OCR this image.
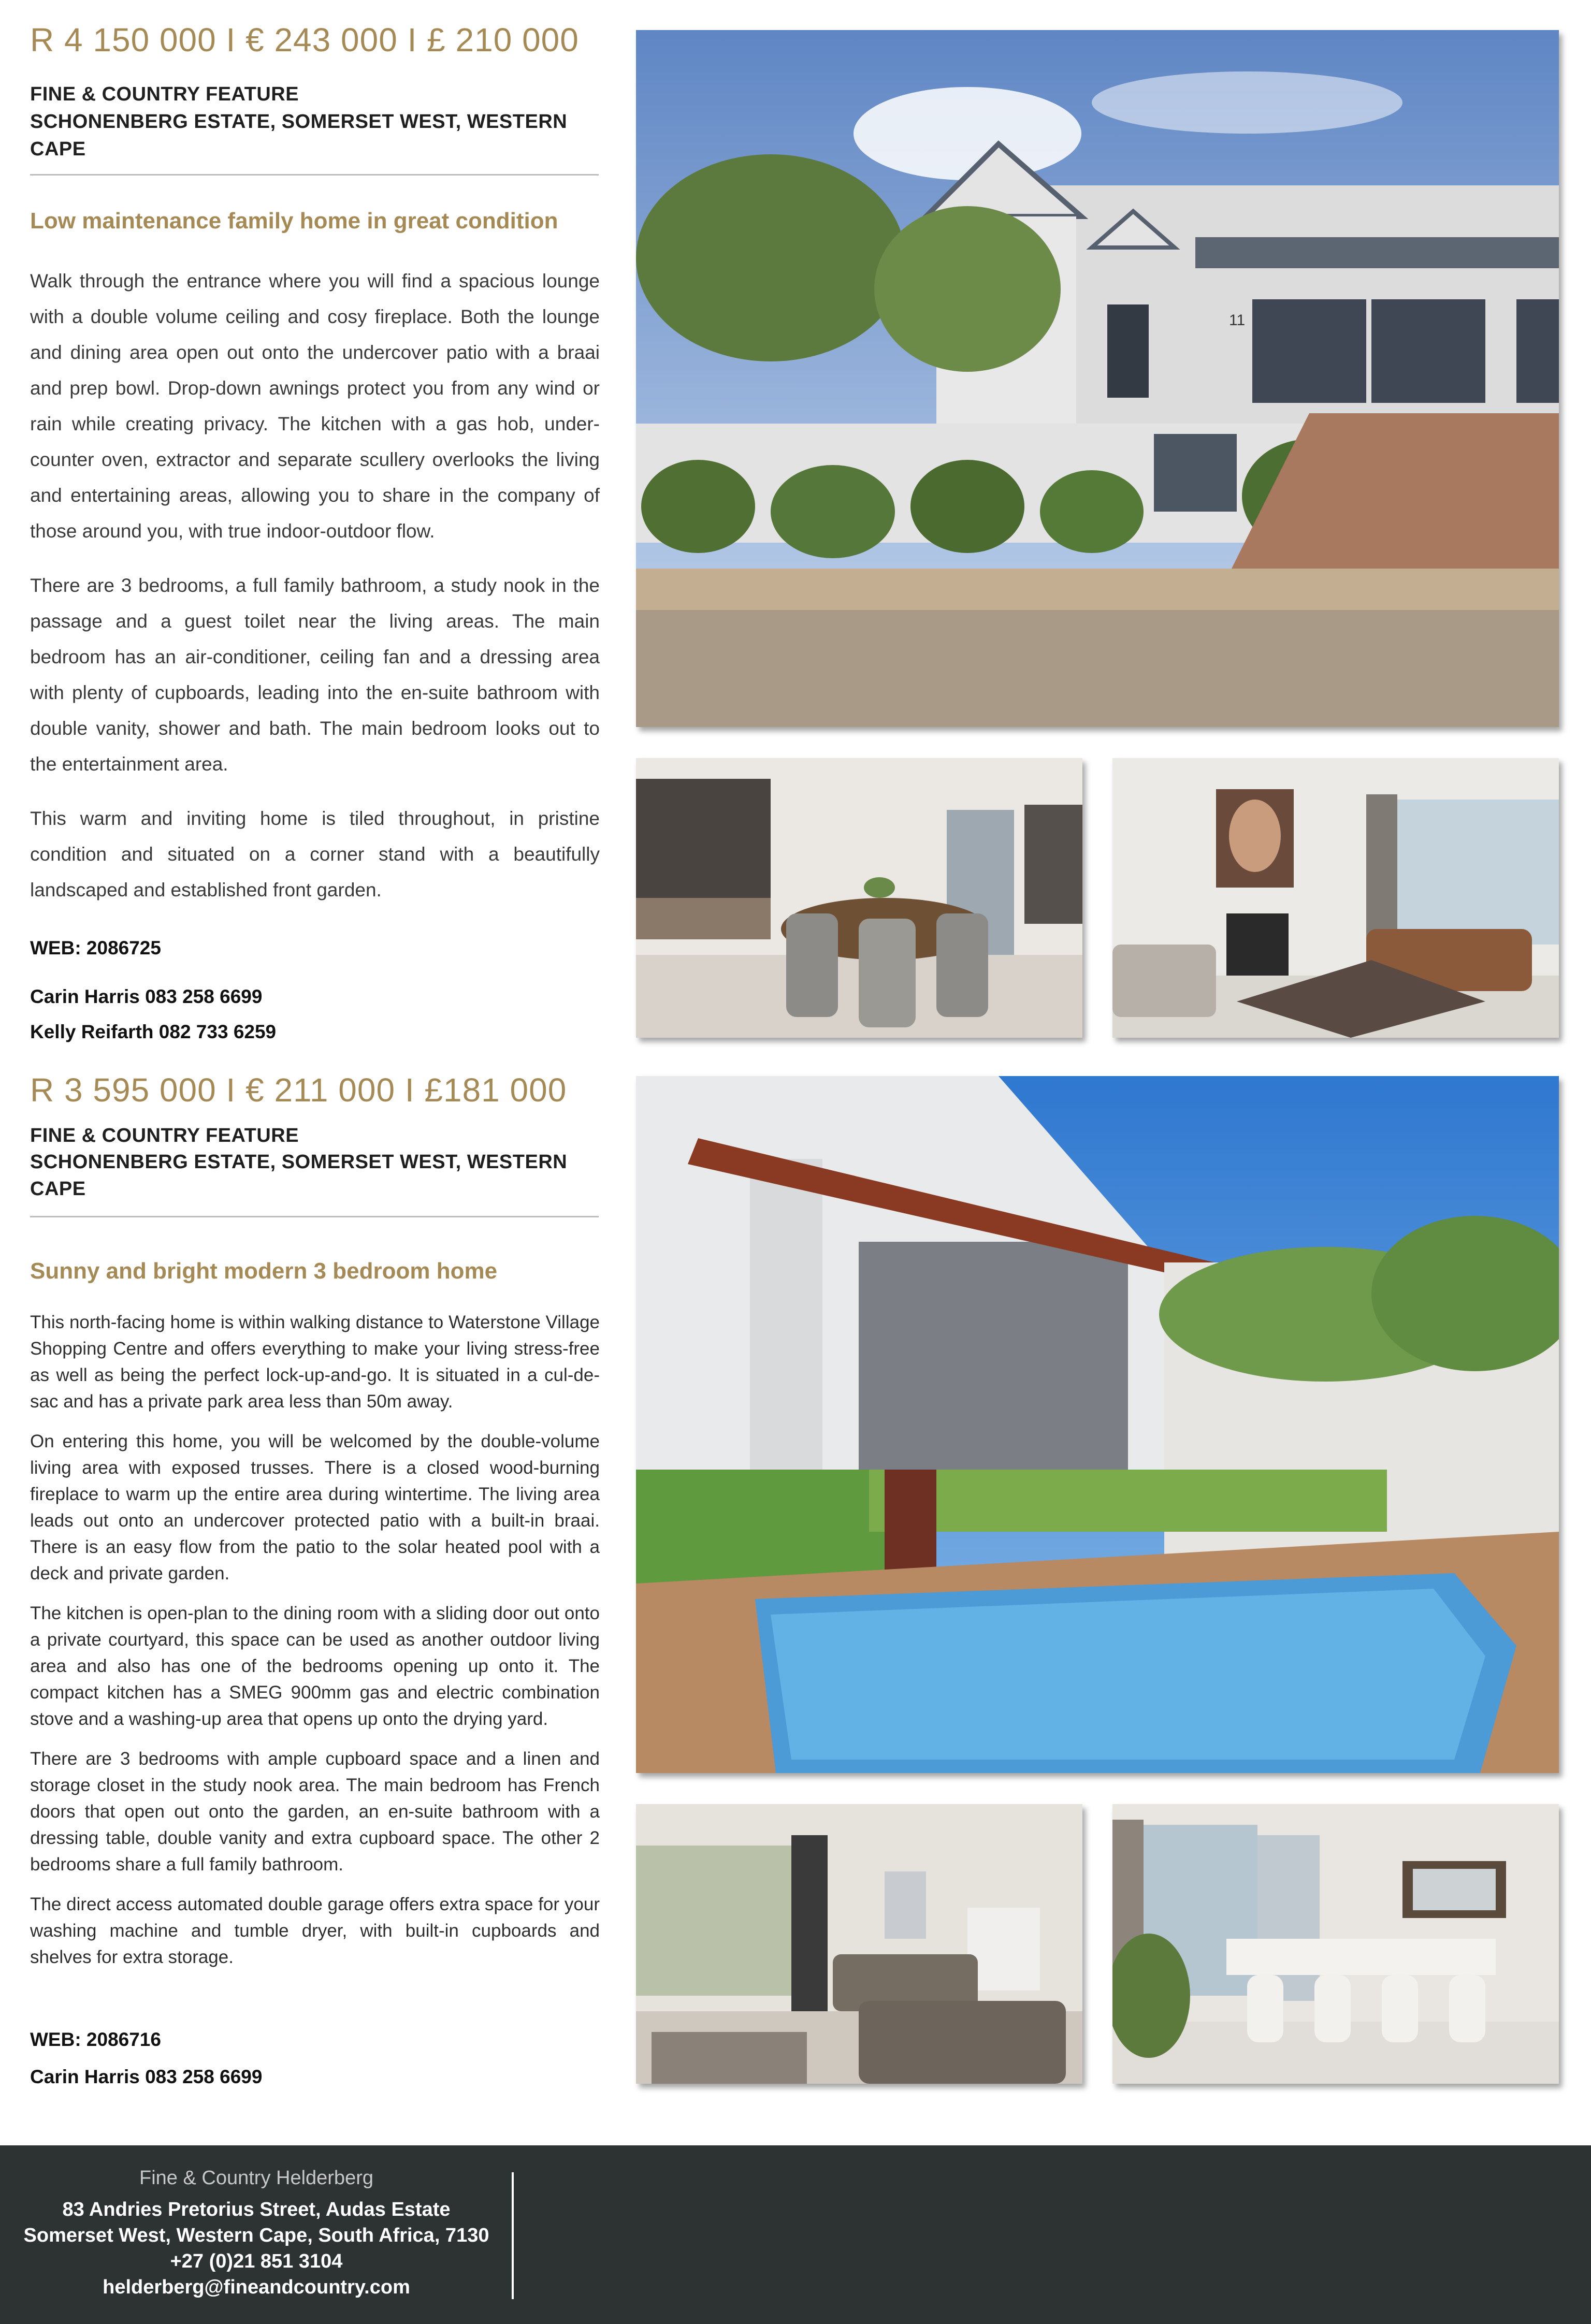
R 4 150 000 I € 243 000 I £ 210 000

FINE & COUNTRY FEATURE

SCHONENBERG ESTATE, SOMERSET WEST, WESTERN CAPE

Low maintenance family home in great condition

Walk through the entrance where you will find a spacious lounge with a double volume ceiling and cosy fireplace. Both the lounge and dining area open out onto the undercover patio with a braai and prep bowl. Drop-down awnings protect you from any wind or rain while creating privacy. The kitchen with a gas hob, under-counter oven, extractor and separate scullery overlooks the living and entertaining areas, allowing you to share in the company of those around you, with true indoor-outdoor flow.

There are 3 bedrooms, a full family bathroom, a study nook in the passage and a guest toilet near the living areas. The main bedroom has an air-conditioner, ceiling fan and a dressing area with plenty of cupboards, leading into the en-suite bathroom with double vanity, shower and bath. The main bedroom looks out to the entertainment area.

This warm and inviting home is tiled throughout, in pristine condition and situated on a corner stand with a beautifully landscaped and established front garden.

WEB: 2086725

Carin Harris 083 258 6699

Kelly Reifarth 082 733 6259

11

R 3 595 000 I € 211 000 I £181 000

FINE & COUNTRY FEATURE

SCHONENBERG ESTATE, SOMERSET WEST, WESTERN CAPE

Sunny and bright modern 3 bedroom home

This north-facing home is within walking distance to Waterstone Village Shopping Centre and offers everything to make your living stress-free as well as being the perfect lock-up-and-go. It is situated in a cul-de-sac and has a private park area less than 50m away.

On entering this home, you will be welcomed by the double-volume living area with exposed trusses. There is a closed wood-burning fireplace to warm up the entire area during wintertime. The living area leads out onto an undercover protected patio with a built-in braai. There is an easy flow from the patio to the solar heated pool with a deck and private garden.

The kitchen is open-plan to the dining room with a sliding door out onto a private courtyard, this space can be used as another outdoor living area and also has one of the bedrooms opening up onto it. The compact kitchen has a SMEG 900mm gas and electric combination stove and a washing-up area that opens up onto the drying yard.

There are 3 bedrooms with ample cupboard space and a linen and storage closet in the study nook area. The main bedroom has French doors that open out onto the garden, an en-suite bathroom with a dressing table, double vanity and extra cupboard space. The other 2 bedrooms share a full family bathroom.

The direct access automated double garage offers extra space for your washing machine and tumble dryer, with built-in cupboards and shelves for extra storage.

WEB: 2086716

Carin Harris 083 258 6699

Fine & Country Helderberg

83 Andries Pretorius Street, Audas Estate

Somerset West, Western Cape, South Africa, 7130

+27 (0)21 851 3104

helderberg@fineandcountry.com
